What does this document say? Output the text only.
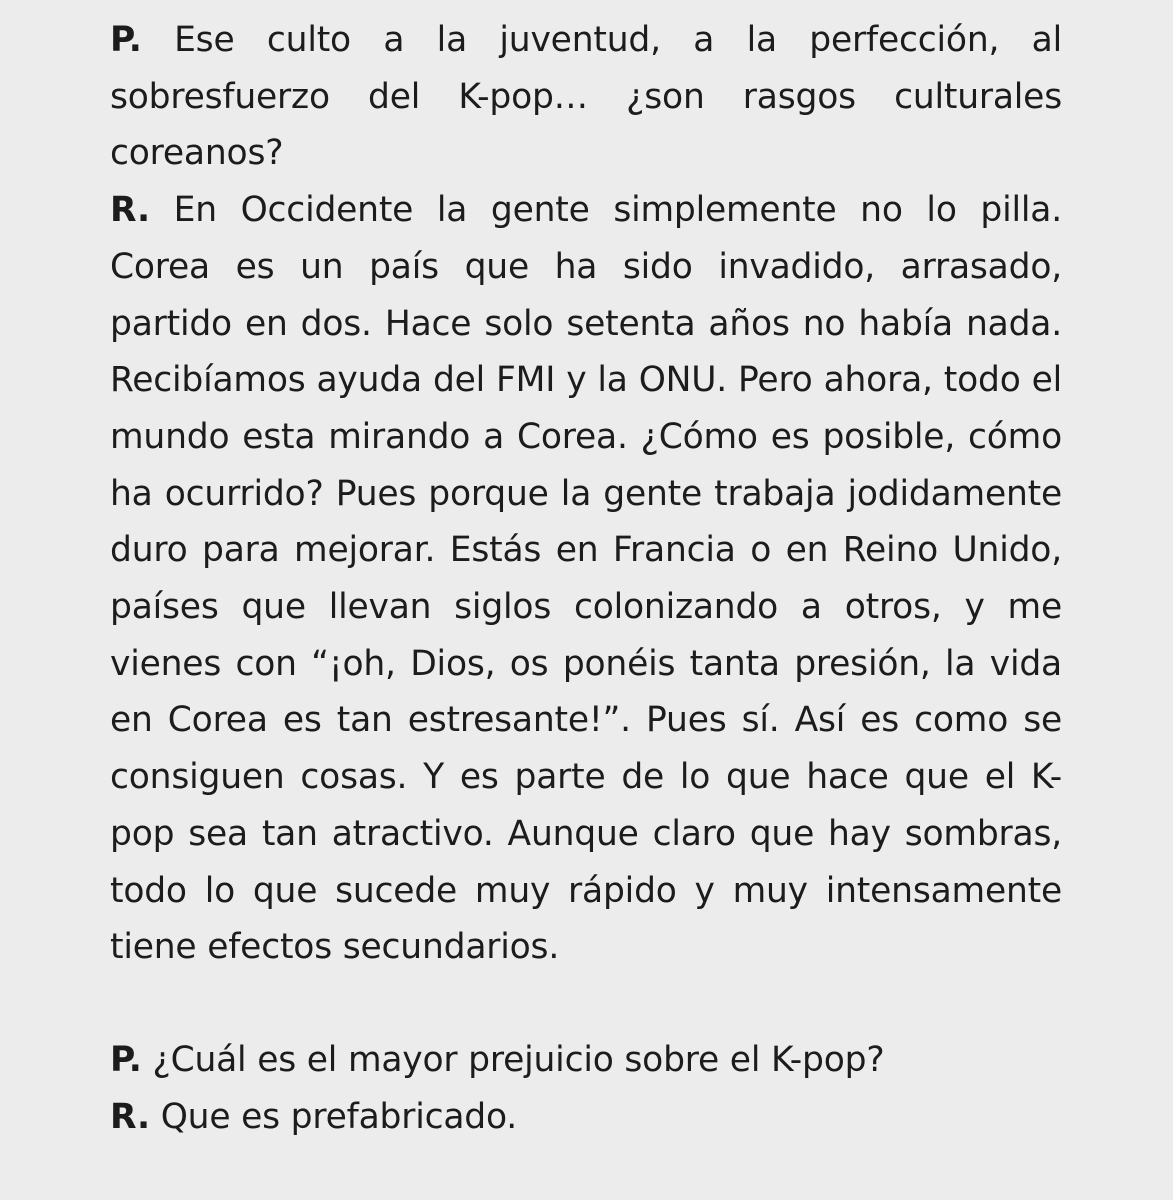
P. Ese culto a la juventud, a la perfección, al sobresfuerzo del K-pop… ¿son rasgos culturales coreanos?

R. En Occidente la gente simplemente no lo pilla. Corea es un país que ha sido invadido, arrasado, partido en dos. Hace solo setenta años no había nada. Recibíamos ayuda del FMI y la ONU. Pero ahora, todo el mundo esta mirando a Corea. ¿Cómo es posible, cómo ha ocurrido? Pues porque la gente trabaja jodidamente duro para mejorar. Estás en Francia o en Reino Unido, países que llevan siglos colonizando a otros, y me vienes con “¡oh, Dios, os ponéis tanta presión, la vida en Corea es tan estresante!”. Pues sí. Así es como se consiguen cosas. Y es parte de lo que hace que el K-pop sea tan atractivo. Aunque claro que hay sombras, todo lo que sucede muy rápido y muy intensamente tiene efectos secundarios.

P. ¿Cuál es el mayor prejuicio sobre el K-pop?

R. Que es prefabricado.
